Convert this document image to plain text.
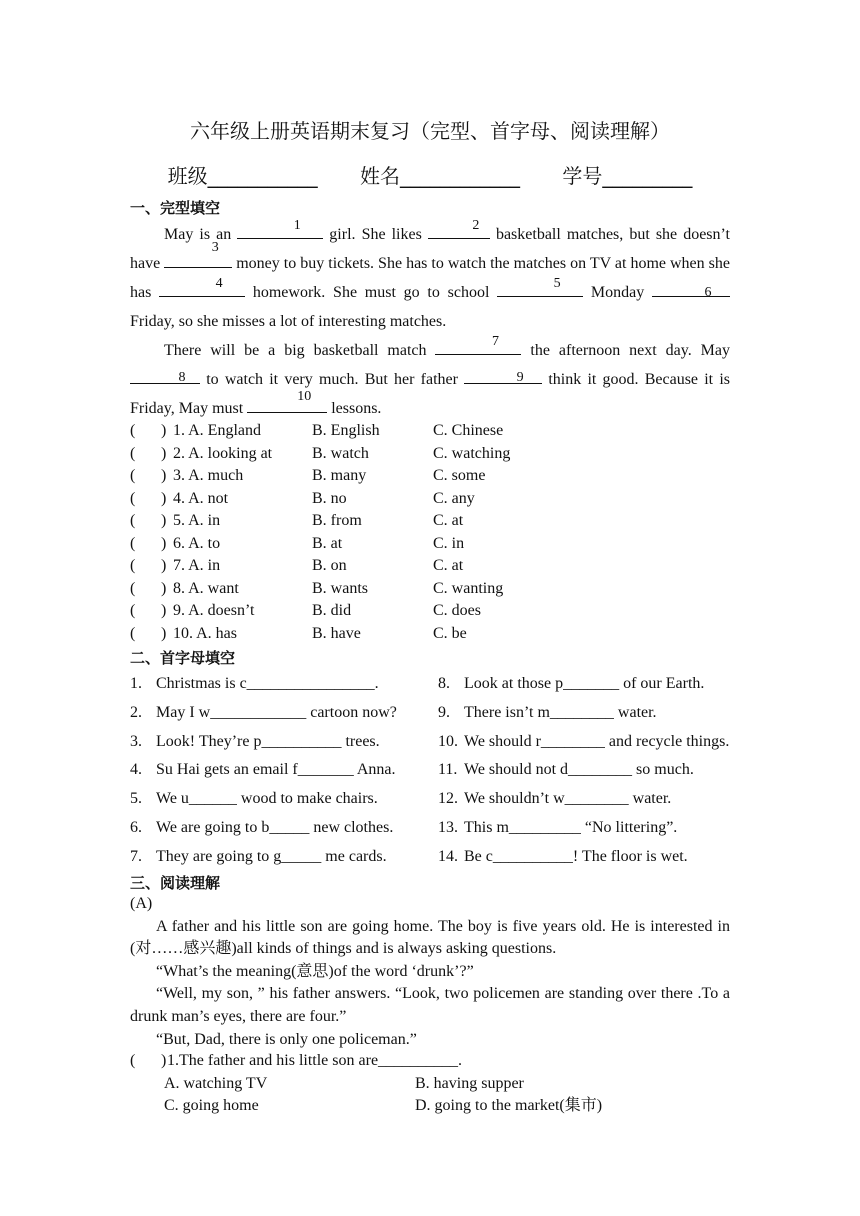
六年级上册英语期末复习（完型、首字母、阅读理解）
班级___________ 姓名____________ 学号_________
一、完型填空

May is an
1
girl. She likes
2
basketball matches, but she doesn’t have
3
money to buy tickets. She has to watch the matches on TV at home when she has
4
homework. She must go to school
5
Monday	6
Friday, so she misses a lot of interesting matches.

There will be a big basketball match
7
the afternoon next day. May
8 to watch it very much. But her father	9	think it good. Because it is Friday, May must
10
lessons.

( ) 1. A. England	B. English	C. Chinese
( ) 2. A. looking at B. watch	C. watching
( ) 3. A. much	B. many	C. some
( ) 4. A. not	B. no	C. any
( ) 5. A. in	B. from	C. at
( ) 6. A. to	B. at	C. in
( ) 7. A. in	B. on	C. at
( ) 8. A. want	B. wants	C. wanting
( ) 9. A. doesn’t	B. did	C. does
( ) 10. A. has	B. have	C. be
二、首字母填空
1. Christmas is c________________.	8. Look at those p_______ of our Earth.
2. May I w____________ cartoon now?	9. There isn’t m________ water.
3. Look! They’re p__________ trees.	10. We should r________ and recycle things.
4. Su Hai gets an email f_______ Anna.	11. We should not d________ so much.
5. We u______ wood to make chairs.	12. We shouldn’t w________ water.
6. We are going to b_____ new clothes.	13. This m_________ “No littering”.
7. They are going to g_____ me cards.	14. Be c__________! The floor is wet.
三、阅读理解

(A)

A father and his little son are going home. The boy is five years old. He is interested in (对……感兴趣)all kinds of things and is always asking questions.

“What’s the meaning(意思)of the word ‘drunk’?”

“Well, my son, ” his father answers. “Look, two policemen are standing over there .To a drunk man’s eyes, there are four.”

“But, Dad, there is only one policeman.”

( ) 1.The father and his little son are__________.
A. watching TV	B. having supper
C. going home	D. going to the market(集市)
